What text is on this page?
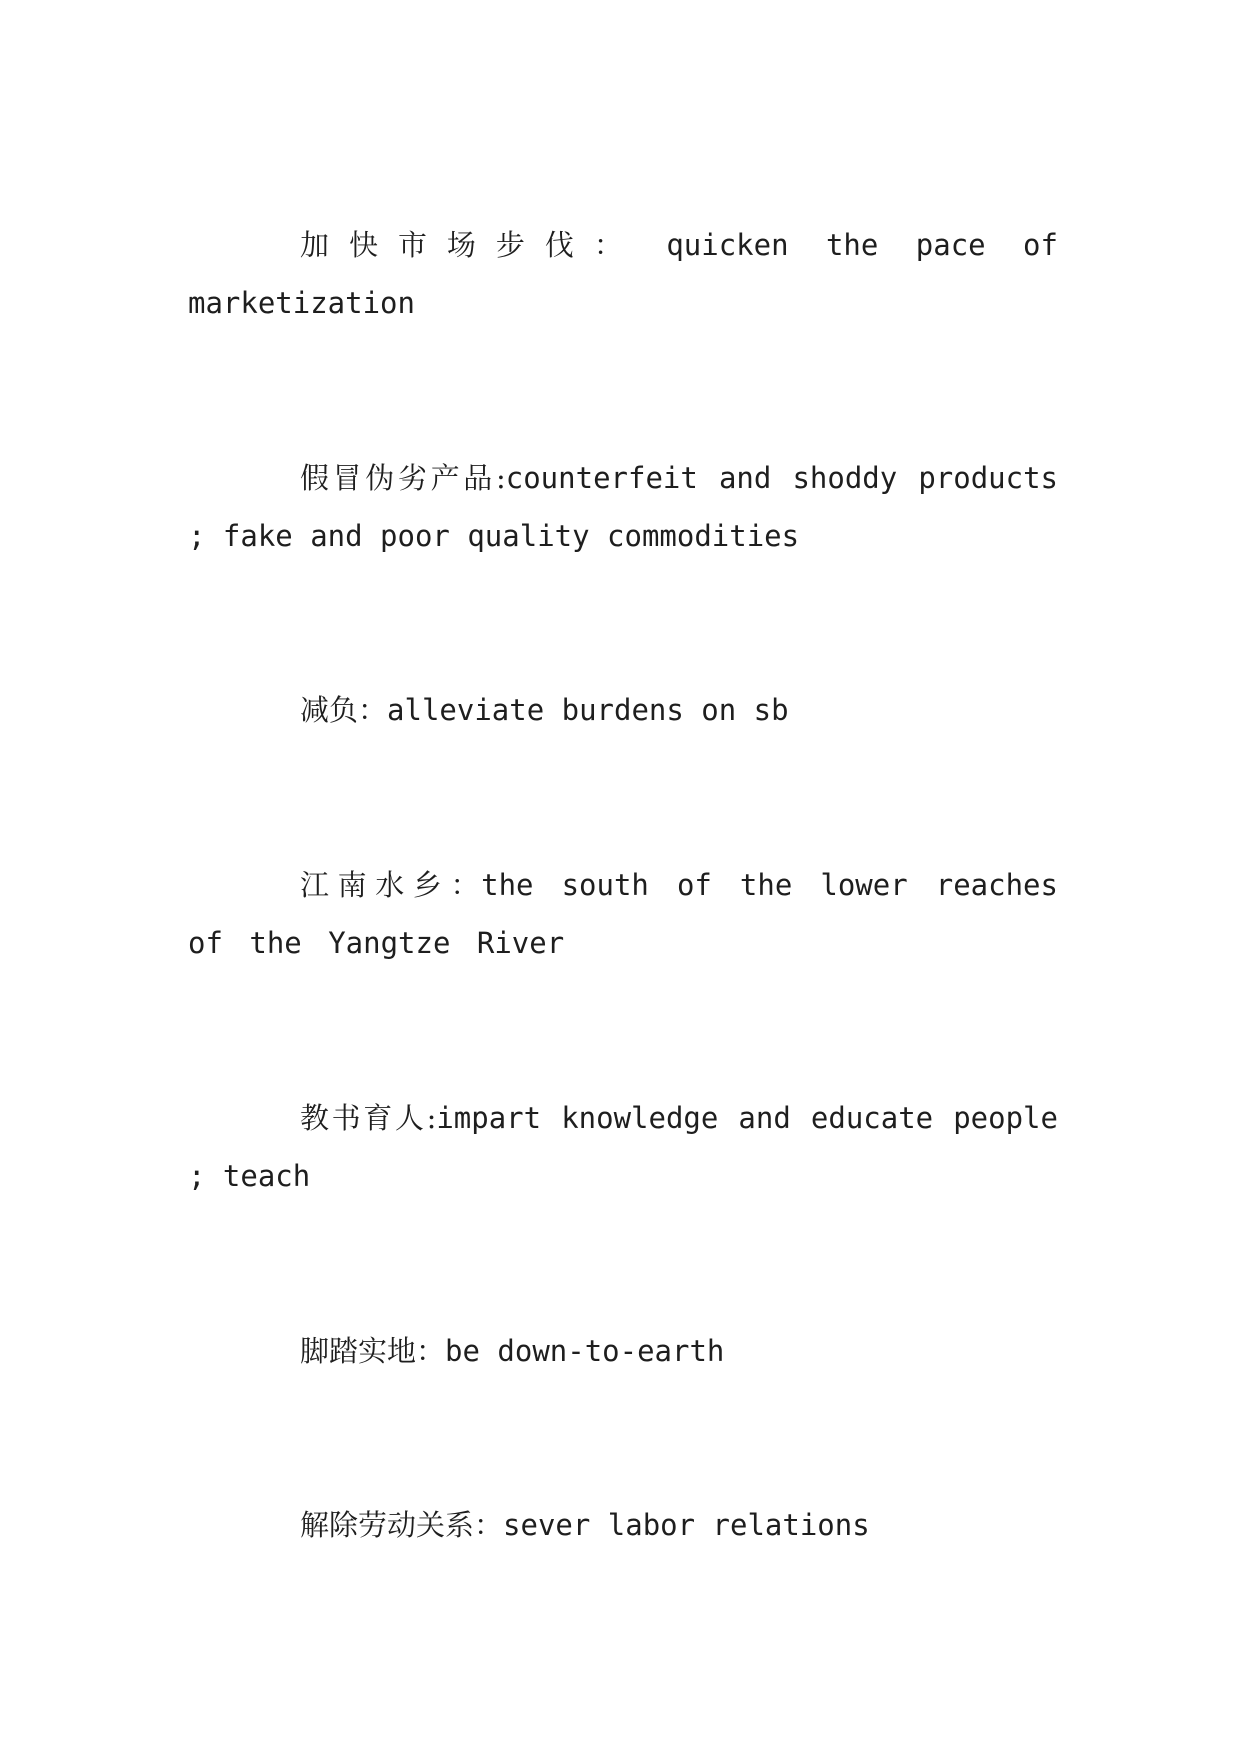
加快市场步伐： quicken the pace of marketization

假冒伪劣产品:counterfeit and shoddy products ; fake and poor quality commodities

减负：alleviate burdens on sb

江南水乡：the south of the lower reaches of the Yangtze River

教书育人:impart knowledge and educate people ; teach

脚踏实地：be down-to-earth

解除劳动关系：sever labor relations
